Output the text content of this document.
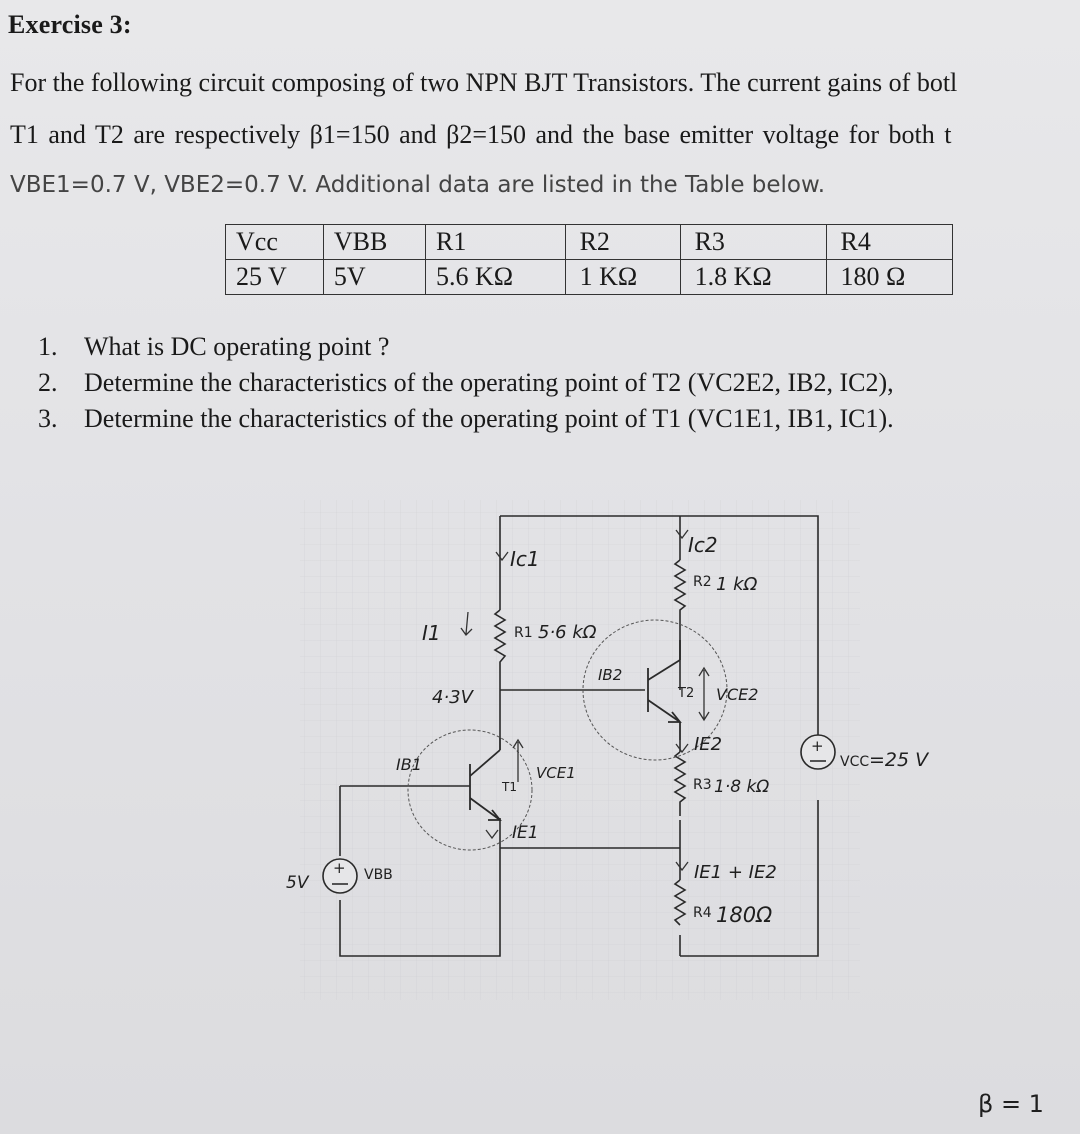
Exercise 3:
For the following circuit composing of two NPN BJT Transistors. The current gains of botl
T1 and T2 are respectively β1=150 and β2=150 and the base emitter voltage for both t
VBE1=0.7 V, VBE2=0.7 V. Additional data are listed in the Table below.
Vcc	VBB	R1	R2	R3	R4
25 V	5V	5.6 KΩ	1 KΩ	1.8 KΩ	180 Ω
1. What is DC operating point ?
2. Determine the characteristics of the operating point of T2 (VC2E2, IB2, IC2),
3. Determine the characteristics of the operating point of T1 (VC1E1, IB1, IC1).
+
+
R1
R2
R3
R4
T1
T2
VBB
VCC
Ic1
Ic2
I1	5·6 kΩ
1 kΩ
1·8 kΩ
180Ω
=25 V
4·3V
IB1
IB2
VCE1
VCE2
IE1
IE2
IE1 + IE2
5V
β = 1
